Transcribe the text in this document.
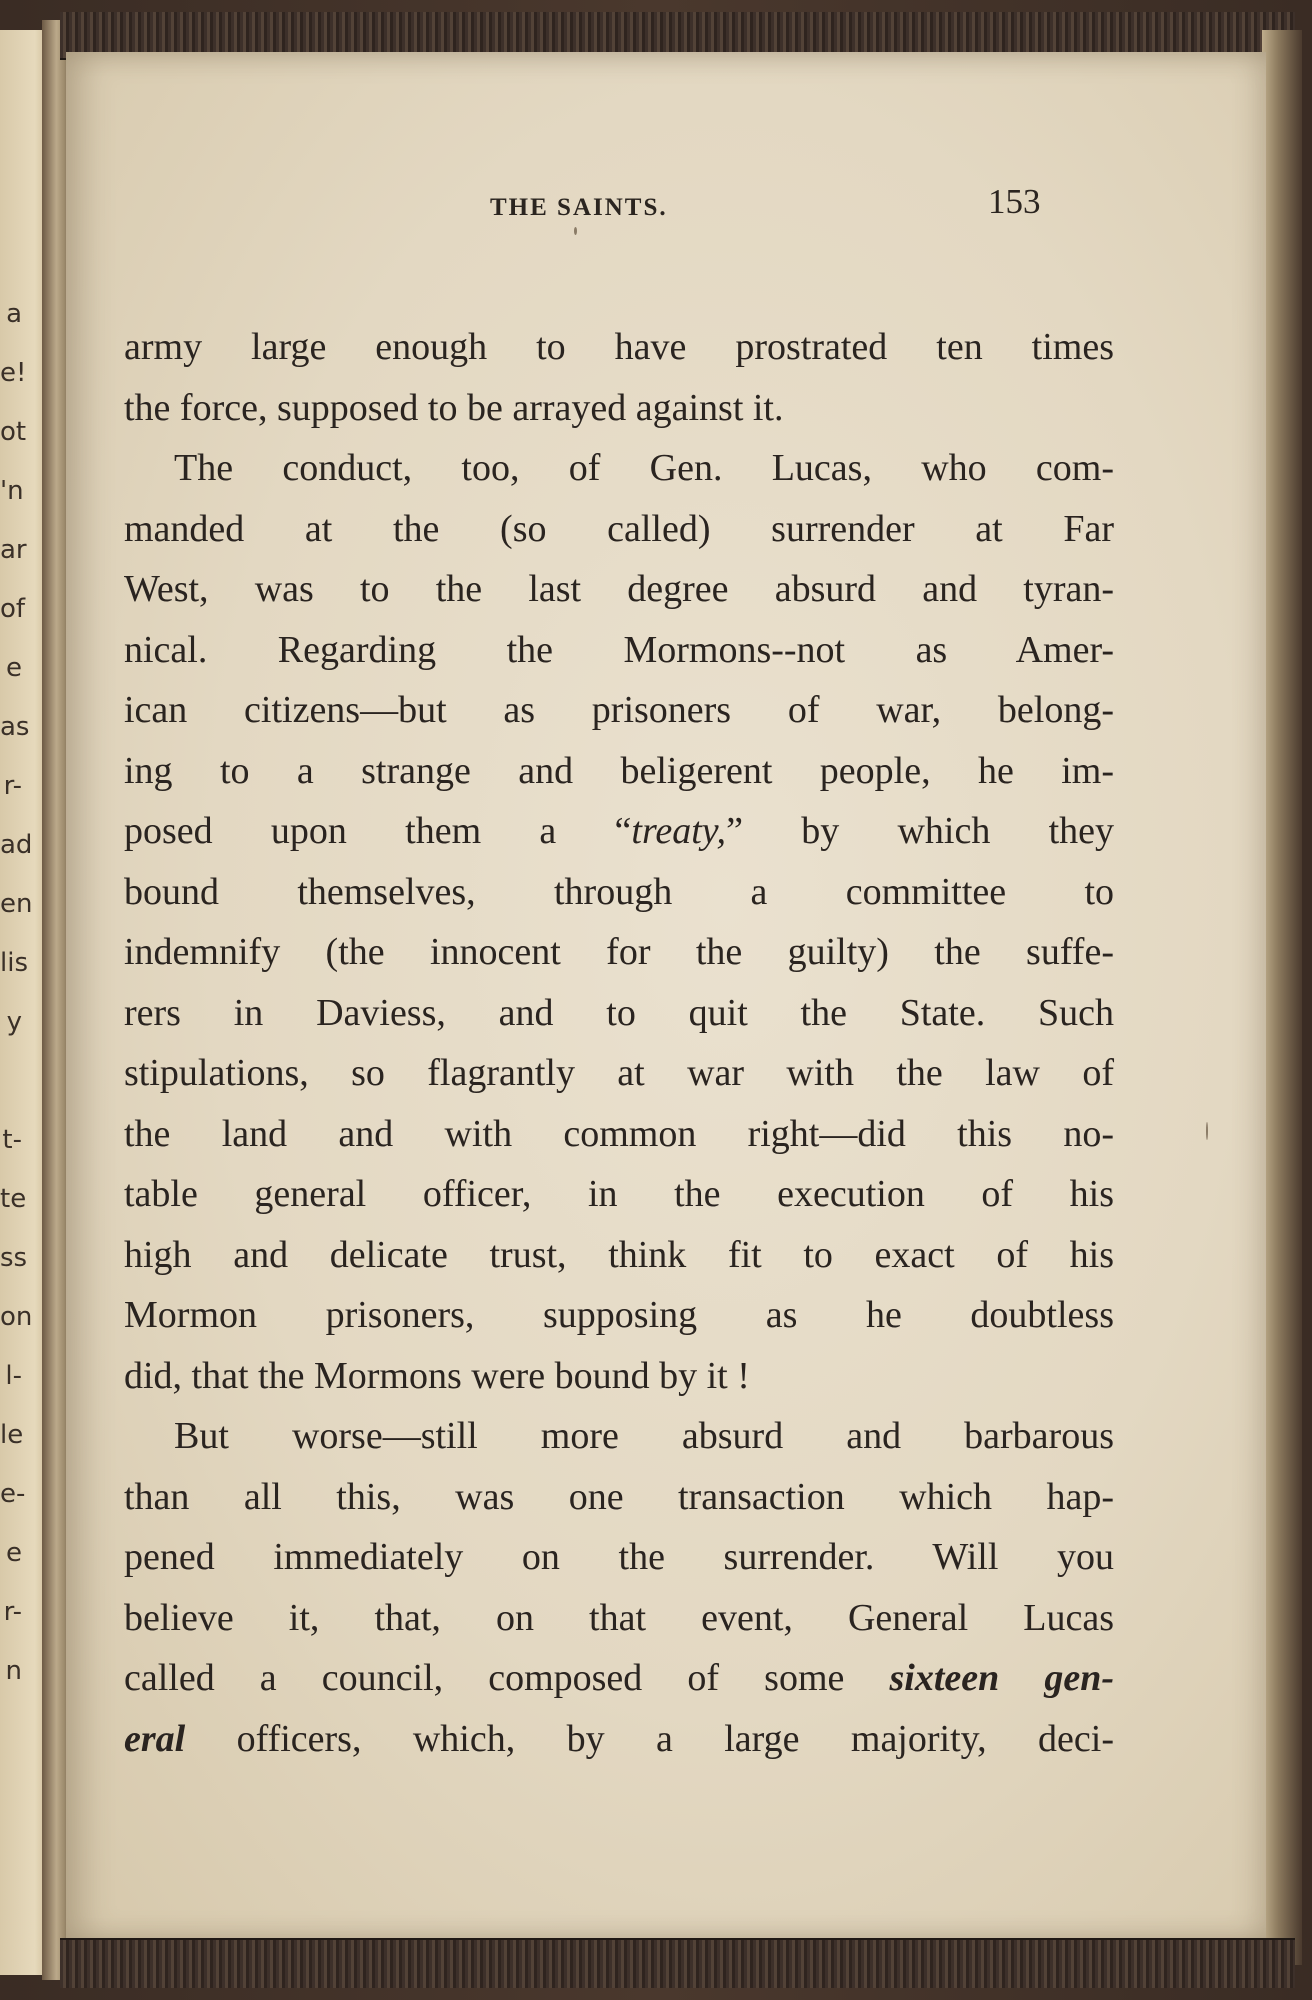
a
e!
ot
'n
ar
of
e
as
r-
ad
en
lis
y
t-
te
ss
on
l-
le
e-
e
r-
n
THE SAINTS.	153
army large enough to have prostrated ten times
the force, supposed to be arrayed against it.
The conduct, too, of Gen. Lucas, who com-
manded at the (so called) surrender at Far
West, was to the last degree absurd and tyran-
nical. Regarding the Mormons--not as Amer-
ican citizens—but as prisoners of war, belong-
ing to a strange and beligerent people, he im-
posed upon them a “treaty,” by which they
bound themselves, through a committee to
indemnify (the innocent for the guilty) the suffe-
rers in Daviess, and to quit the State. Such
stipulations, so flagrantly at war with the law of
the land and with common right—did this no-
table general officer, in the execution of his
high and delicate trust, think fit to exact of his
Mormon prisoners, supposing as he doubtless
did, that the Mormons were bound by it !
But worse—still more absurd and barbarous
than all this, was one transaction which hap-
pened immediately on the surrender. Will you
believe it, that, on that event, General Lucas
called a council, composed of some sixteen gen-
eral officers, which, by a large majority, deci-
